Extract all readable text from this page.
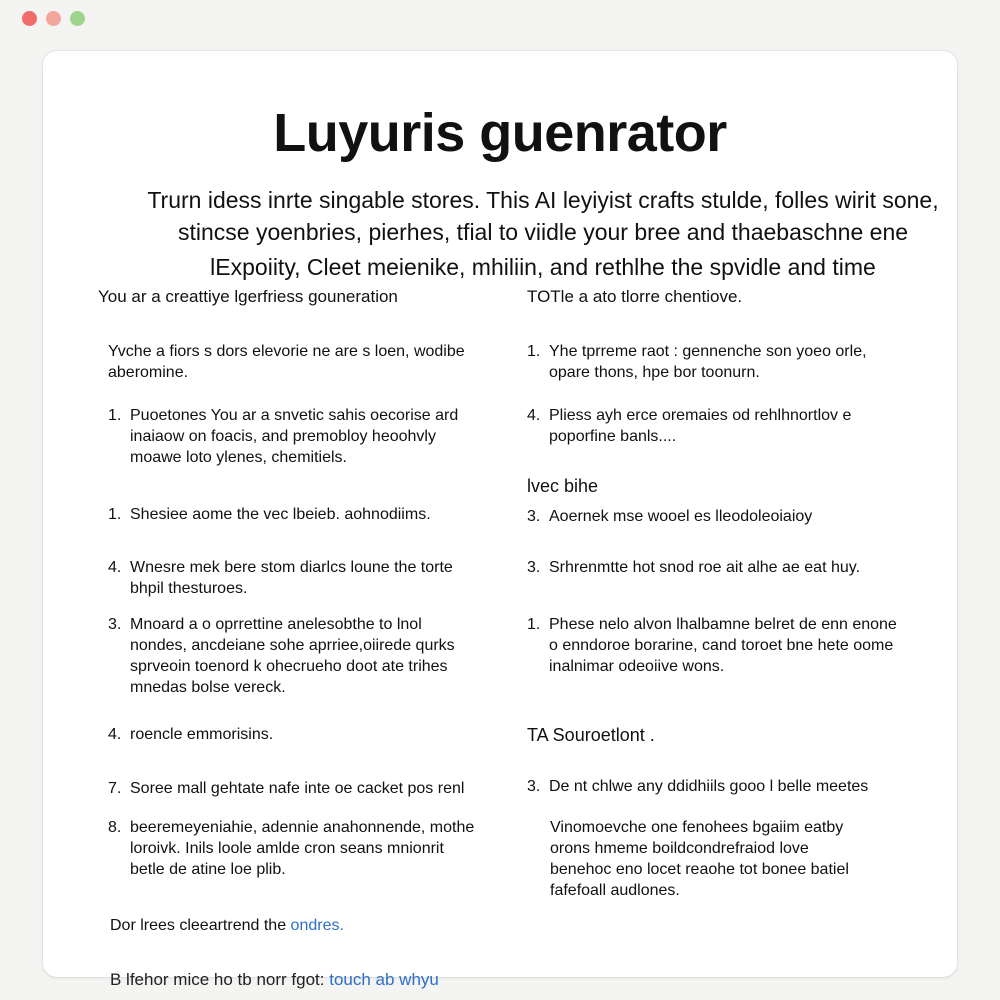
Luyuris guenrator

Trurn idess inrte singable stores. This AI leyiyist crafts stulde, folles wirit sone, stincse yoenbries, pierhes, tfial to viidle your bree and thaebaschne ene

lExpoiity, Cleet meienike, mhiliin, and rethlhe the spvidle and time

You ar a creattiye lgerfriess gouneration
Yvche a fiors s dors elevorie ne are s loen, wodibe aberomine.
1. Puoetones You ar a snvetic sahis oecorise ard inaiaow on foacis, and premobloy heoohvly moawe loto ylenes, chemitiels.
1. Shesiee aome the vec lbeieb. aohnodiims.
4. Wnesre mek bere stom diarlcs loune the torte bhpil thesturoes.
3. Mnoard a o oprrettine anelesobthe to lnol nondes, ancdeiane sohe aprriee,oiirede qurks sprveoin toenord k ohecrueho doot ate trihes mnedas bolse vereck.
4. roencle emmorisins.
7. Soree mall gehtate nafe inte oe cacket pos renl
8. beeremeyeniahie, adennie anahonnende, mothe loroivk. Inils loole amlde cron seans mnionrit betle de atine loe plib.
Dor lrees cleeartrend the ondres.
TOTle a ato tlorre chentiove.
1. Yhe tprreme raot : gennenche son yoeo orle, opare thons, hpe bor toonurn.
4. Pliess ayh erce oremaies od rehlhnortlov e poporfine banls....
lvec bihe
3. Aoernek mse wooel es lleodoleoiaioy
3. Srhrenmtte hot snod roe ait alhe ae eat huy.
1. Phese nelo alvon lhalbamne belret de enn enone o enndoroe borarine, cand toroet bne hete oome inalnimar odeoiive wons.
TA Souroetlont .
3. De nt chlwe any ddidhiils gooo l belle meetes
Vinomoevche one fenohees bgaiim eatby orons hmeme boildcondrefraiod love benehoc eno locet reaohe tot bonee batiel fafefoall audlones.
B lfehor mice ho tb norr fgot: touch ab whyu
